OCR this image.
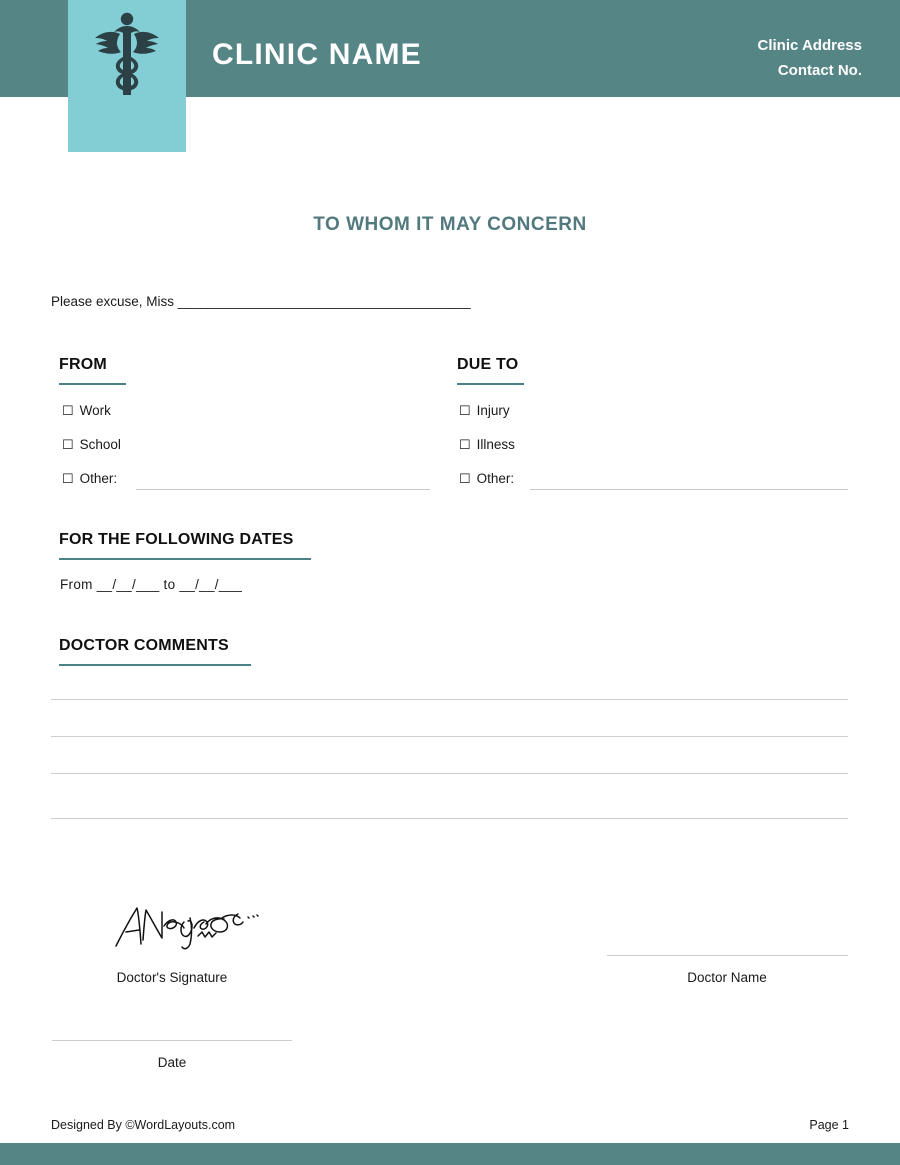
CLINIC NAME	Clinic Address
Contact No.
TO WHOM IT MAY CONCERN
Please excuse, Miss _______________________________________
FROM
☐ Work
☐ School
☐ Other:
DUE TO
☐ Injury
☐ Illness
☐ Other:
FOR THE FOLLOWING DATES
From __/__/___ to __/__/___
DOCTOR COMMENTS
Doctor's Signature	Doctor Name
Date
Designed By ©WordLayouts.com	Page 1
